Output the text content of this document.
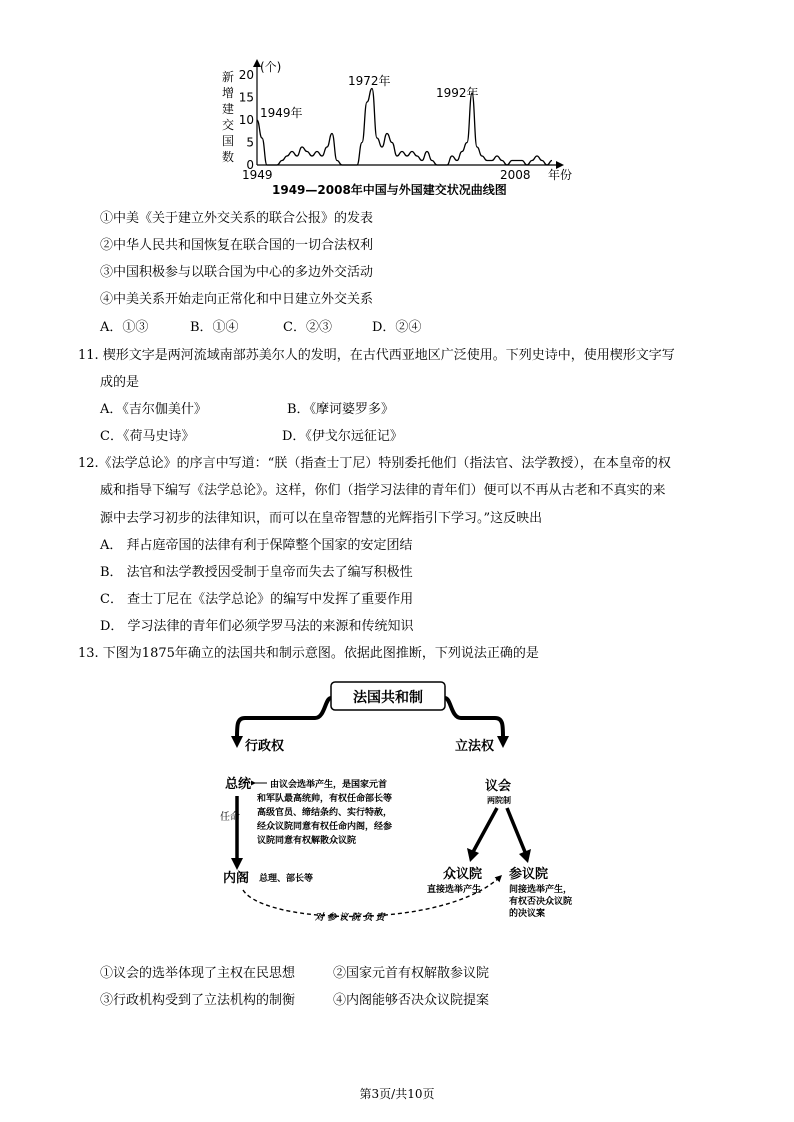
新
增
建
交
国
数
(个)
20
15
10
5
0
1949年
1972年
1992年
1949	2008 年份
1949—2008年中国与外国建交状况曲线图
①中美《关于建立外交关系的联合公报》的发表
②中华人民共和国恢复在联合国的一切合法权利
③中国积极参与以联合国为中心的多边外交活动
④中美关系开始走向正常化和中日建立外交关系
A．①③	B．①④	C．②③	D．②④
11. 楔形文字是两河流域南部苏美尔人的发明，在古代西亚地区广泛使用。下列史诗中，使用楔形文字写
成的是
A．《吉尔伽美什》	B．《摩诃婆罗多》
C．《荷马史诗》	D．《伊戈尔远征记》
12.《法学总论》的序言中写道：“朕（指查士丁尼）特别委托他们（指法官、法学教授），在本皇帝的权
威和指导下编写《法学总论》。这样，你们（指学习法律的青年们）便可以不再从古老和不真实的来
源中去学习初步的法律知识，而可以在皇帝智慧的光辉指引下学习。”这反映出
A． 拜占庭帝国的法律有利于保障整个国家的安定团结
B． 法官和法学教授因受制于皇帝而失去了编写积极性
C． 查士丁尼在《法学总论》的编写中发挥了重要作用
D． 学习法律的青年们必须学罗马法的来源和传统知识
13. 下图为1875年确立的法国共和制示意图。依据此图推断，下列说法正确的是
法国共和制
行政权	立法权
总统 由议会选举产生，是国家元首
和军队最高统帅，有权任命部长等
高级官员、缔结条约、实行特赦，
经众议院同意有权任命内阁，经参
议院同意有权解散众议院
任命
内阁 总理、部长等
议会
两院制
众议院
直接选举产生
参议院
间接选举产生，
有权否决众议院
的决议案
对 参 议 院 负 责
①议会的选举体现了主权在民思想	②国家元首有权解散参议院
③行政机构受到了立法机构的制衡	④内阁能够否决众议院提案
第3页/共10页
